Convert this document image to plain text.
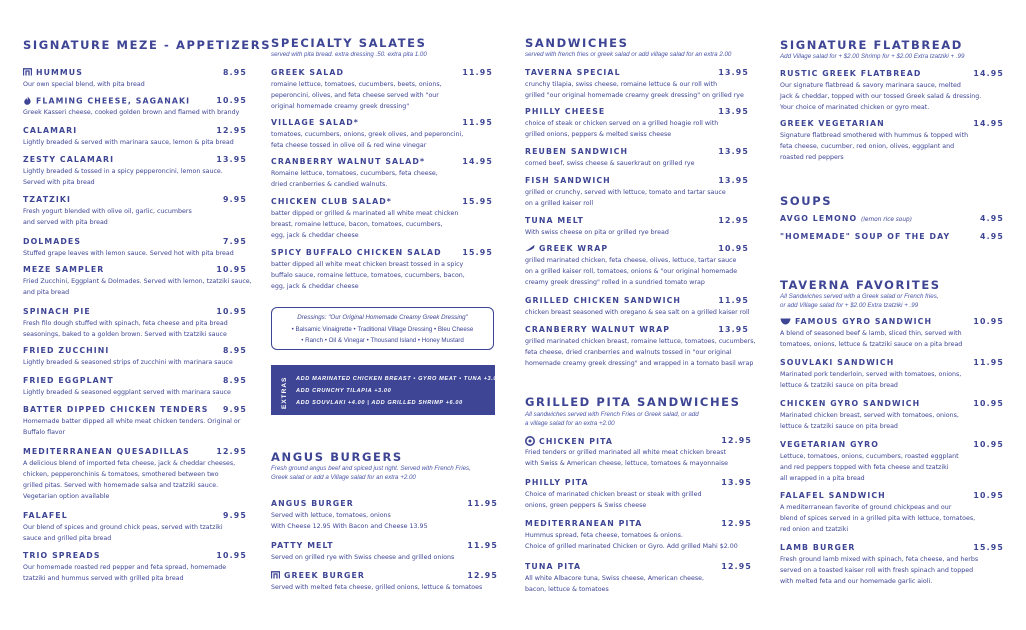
SIGNATURE MEZE - APPETIZERS
HUMMUS	8.95
Our own special blend, with pita bread
FLAMING CHEESE, SAGANAKI	10.95
Greek Kasseri cheese, cooked golden brown and flamed with brandy
CALAMARI	12.95
Lightly breaded & served with marinara sauce, lemon & pita bread
ZESTY CALAMARI	13.95
Lightly breaded & tossed in a spicy pepperoncini, lemon sauce.
Served with pita bread
TZATZIKI	9.95
Fresh yogurt blended with olive oil, garlic, cucumbers
and served with pita bread
DOLMADES	7.95
Stuffed grape leaves with lemon sauce. Served hot with pita bread
MEZE SAMPLER	10.95
Fried Zucchini, Eggplant & Dolmades. Served with lemon, tzatziki sauce,
and pita bread
SPINACH PIE	10.95
Fresh filo dough stuffed with spinach, feta cheese and pita bread
seasonings, baked to a golden brown. Served with tzatziki sauce
FRIED ZUCCHINI	8.95
Lightly breaded & seasoned strips of zucchini with marinara sauce
FRIED EGGPLANT	8.95
Lightly breaded & seasoned eggplant served with marinara sauce
BATTER DIPPED CHICKEN TENDERS 9.95
Homemade batter dipped all white meat chicken tenders. Original or
Buffalo flavor
MEDITERRANEAN QUESADILLAS	12.95
A delicious blend of imported feta cheese, jack & cheddar cheeses,
chicken, pepperonchinis & tomatoes, smothered between two
grilled pitas. Served with homemade salsa and tzatziki sauce.
Vegetarian option available
FALAFEL	9.95
Our blend of spices and ground chick peas, served with tzatziki
sauce and grilled pita bread
TRIO SPREADS	10.95
Our homemade roasted red pepper and feta spread, homemade
tzatziki and hummus served with grilled pita bread
SPECIALTY SALATES
served with pita bread. extra dressing .50. extra pita 1.00
GREEK SALAD	11.95
romaine lettuce, tomatoes, cucumbers, beets, onions,
peperoncini, olives, and feta cheese served with "our
original homemade creamy greek dressing"
VILLAGE SALAD*	11.95
tomatoes, cucumbers, onions, greek olives, and peperoncini,
feta cheese tossed in olive oil & red wine vinegar
CRANBERRY WALNUT SALAD*	14.95
Romaine lettuce, tomatoes, cucumbers, feta cheese,
dried cranberries & candied walnuts.
CHICKEN CLUB SALAD*	15.95
batter dipped or grilled & marinated all white meat chicken
breast, romaine lettuce, bacon, tomatoes, cucumbers,
egg, jack & cheddar cheese
SPICY BUFFALO CHICKEN SALAD	15.95
batter dipped all white meat chicken breast tossed in a spicy
buffalo sauce, romaine lettuce, tomatoes, cucumbers, bacon,
egg, jack & cheddar cheese
Dressings: "Our Original Homemade Creamy Greek Dressing"
• Balsamic Vinaigrette • Traditional Village Dressing • Bleu Cheese
• Ranch • Oil & Vinegar • Thousand Island • Honey Mustard
EXTRAS ADD MARINATED CHICKEN BREAST • GYRO MEAT • TUNA +3.00
ADD CRUNCHY TILAPIA +3.00
ADD SOUVLAKI +4.00 | ADD GRILLED SHRIMP +6.00
ANGUS BURGERS
Fresh ground angus beef and spiced just right. Served with French Fries,
Greek salad or add a Village salad for an extra +2.00
ANGUS BURGER	11.95
Served with lettuce, tomatoes, onions
With Cheese 12.95 With Bacon and Cheese 13.95
PATTY MELT	11.95
Served on grilled rye with Swiss cheese and grilled onions
GREEK BURGER	12.95
Served with melted feta cheese, grilled onions, lettuce & tomatoes
SANDWICHES
served with french fries or greek salad or add village salad for an extra 2.00
TAVERNA SPECIAL	13.95
crunchy tilapia, swiss cheese, romaine lettuce & our roll with
grilled "our original homemade creamy greek dressing" on grilled rye
PHILLY CHEESE	13.95
choice of steak or chicken served on a grilled hoagie roll with
grilled onions, peppers & melted swiss cheese
REUBEN SANDWICH	13.95
corned beef, swiss cheese & sauerkraut on grilled rye
FISH SANDWICH	13.95
grilled or crunchy, served with lettuce, tomato and tartar sauce
on a grilled kaiser roll
TUNA MELT	12.95
With swiss cheese on pita or grilled rye bread
GREEK WRAP	10.95
grilled marinated chicken, feta cheese, olives, lettuce, tartar sauce
on a grilled kaiser roll, tomatoes, onions & "our original homemade
creamy greek dressing" rolled in a sundried tomato wrap
GRILLED CHICKEN SANDWICH	11.95
chicken breast seasoned with oregano & sea salt on a grilled kaiser roll
CRANBERRY WALNUT WRAP	13.95
grilled marinated chicken breast, romaine lettuce, tomatoes, cucumbers,
feta cheese, dried cranberries and walnuts tossed in "our original
homemade creamy greek dressing" and wrapped in a tomato basil wrap
GRILLED PITA SANDWICHES
All sandwiches served with French Fries or Greek salad, or add
a village salad for an extra +2.00
CHICKEN PITA	12.95
Fried tenders or grilled marinated all white meat chicken breast
with Swiss & American cheese, lettuce, tomatoes & mayonnaise
PHILLY PITA	13.95
Choice of marinated chicken breast or steak with grilled
onions, green peppers & Swiss cheese
MEDITERRANEAN PITA	12.95
Hummus spread, feta cheese, tomatoes & onions.
Choice of grilled marinated Chicken or Gyro. Add grilled Mahi $2.00
TUNA PITA	12.95
All white Albacore tuna, Swiss cheese, American cheese,
bacon, lettuce & tomatoes
SIGNATURE FLATBREAD
Add Village salad for + $2.00 Shrimp for + $2.00 Extra tzatziki + .99
RUSTIC GREEK FLATBREAD	14.95
Our signature flatbread & savory marinara sauce, melted
Jack & cheddar, topped with our tossed Greek salad & dressing.
Your choice of marinated chicken or gyro meat.
GREEK VEGETARIAN	14.95
Signature flatbread smothered with hummus & topped with
feta cheese, cucumber, red onion, olives, eggplant and
roasted red peppers
SOUPS
AVGO LEMONO (lemon rice soup)	4.95
"HOMEMADE" SOUP OF THE DAY	4.95
TAVERNA FAVORITES
All Sandwiches served with a Greek salad or French fries,
or add Village salad for + $2.00 Extra tzatziki + .99
FAMOUS GYRO SANDWICH	10.95
A blend of seasoned beef & lamb, sliced thin, served with
tomatoes, onions, lettuce & tzatziki sauce on a pita bread
SOUVLAKI SANDWICH	11.95
Marinated pork tenderloin, served with tomatoes, onions,
lettuce & tzatziki sauce on pita bread
CHICKEN GYRO SANDWICH	10.95
Marinated chicken breast, served with tomatoes, onions,
lettuce & tzatziki sauce on pita bread
VEGETARIAN GYRO	10.95
Lettuce, tomatoes, onions, cucumbers, roasted eggplant
and red peppers topped with feta cheese and tzatziki
all wrapped in a pita bread
FALAFEL SANDWICH	10.95
A mediterranean favorite of ground chickpeas and our
blend of spices served in a grilled pita with lettuce, tomatoes,
red onion and tzatziki
LAMB BURGER	15.95
Fresh ground lamb mixed with spinach, feta cheese, and herbs
served on a toasted kaiser roll with fresh spinach and topped
with melted feta and our homemade garlic aioli.
